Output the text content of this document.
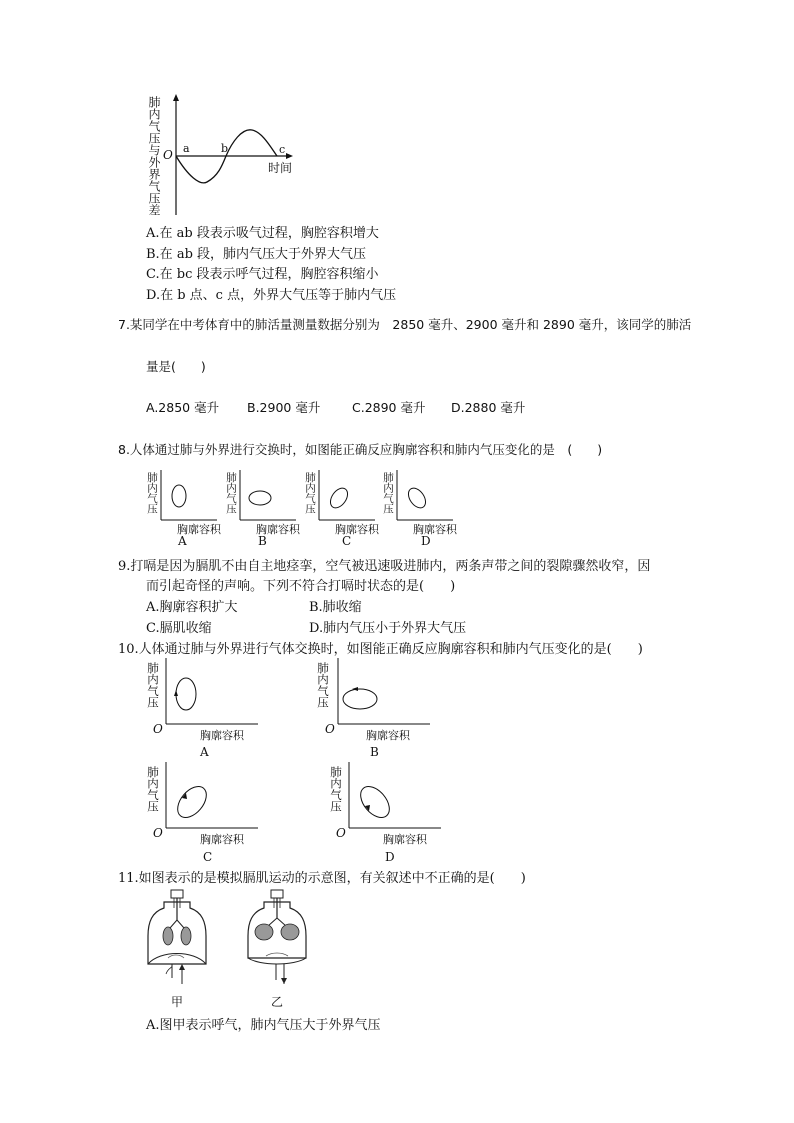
肺内气压与外界气压差 O a	b	c
时间
A.在 ab 段表示吸气过程，胸腔容积增大
B.在 ab 段，肺内气压大于外界大气压
C.在 bc 段表示呼气过程，胸腔容积缩小
D.在 b 点、c 点，外界大气压等于肺内气压
7.某同学在中考体育中的肺活量测量数据分别为　2850 毫升、2900 毫升和 2890 毫升，该同学的肺活
量是(　　)
A.2850 毫升 B.2900 毫升	C.2890 毫升 D.2880 毫升
8.人体通过肺与外界进行交换时，如图能正确反应胸廓容积和肺内气压变化的是　(　　)
肺内气压
胸廓容积
A
肺内气压
胸廓容积
B
肺内气压
胸廓容积
C
肺内气压
胸廓容积
D
9.打嗝是因为膈肌不由自主地痉挛，空气被迅速吸进肺内，两条声带之间的裂隙骤然收窄，因
而引起奇怪的声响。下列不符合打嗝时状态的是(　　)
A.胸廓容积扩大	B.肺收缩
C.膈肌收缩	D.肺内气压小于外界大气压
10.人体通过肺与外界进行气体交换时，如图能正确反应胸廓容积和肺内气压变化的是(　　)
肺内气压
O	胸廓容积
A
肺内气压
O	胸廓容积
B
肺内气压
O	胸廓容积
C
肺内气压
O	胸廓容积
D
11.如图表示的是模拟膈肌运动的示意图，有关叙述中不正确的是(　　)
甲	乙
A.图甲表示呼气，肺内气压大于外界气压
